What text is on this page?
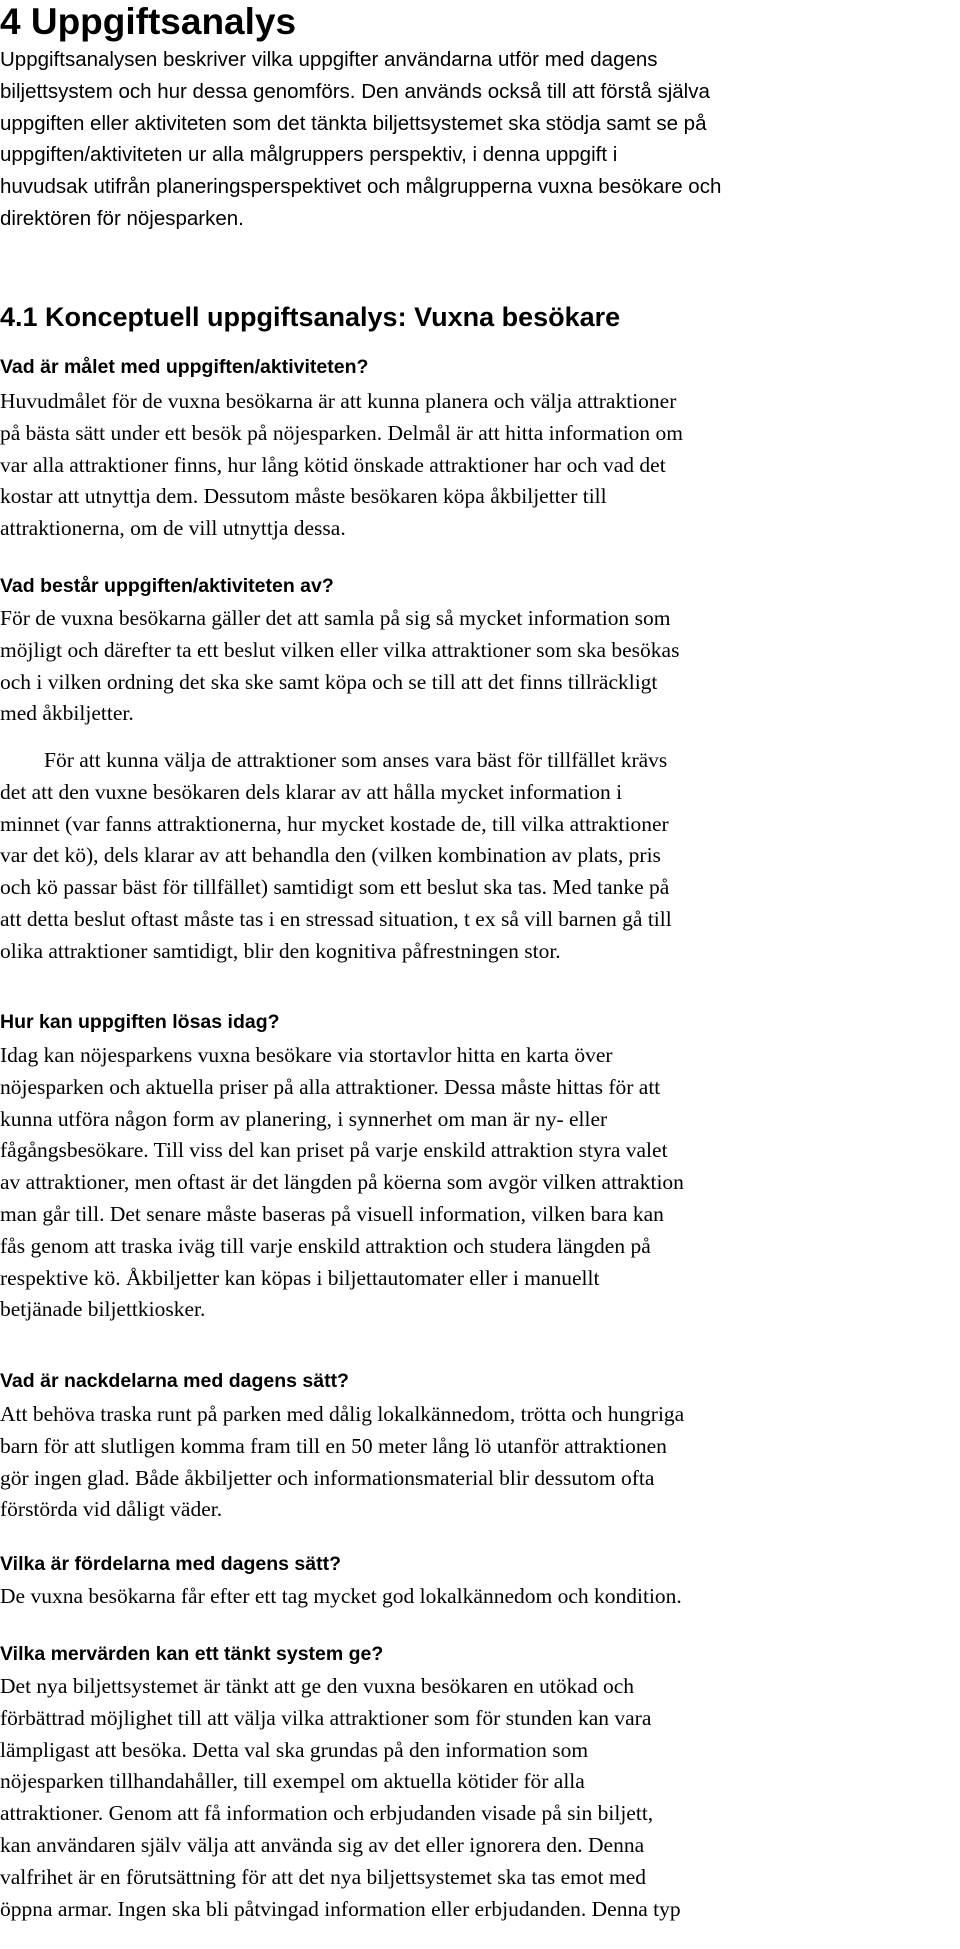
4 Uppgiftsanalys
Uppgiftsanalysen beskriver vilka uppgifter användarna utför med dagens
biljettsystem och hur dessa genomförs. Den används också till att förstå själva
uppgiften eller aktiviteten som det tänkta biljettsystemet ska stödja samt se på
uppgiften/aktiviteten ur alla målgruppers perspektiv, i denna uppgift i
huvudsak utifrån planeringsperspektivet och målgrupperna vuxna besökare och
direktören för nöjesparken.
4.1 Konceptuell uppgiftsanalys: Vuxna besökare
Vad är målet med uppgiften/aktiviteten?
Huvudmålet för de vuxna besökarna är att kunna planera och välja attraktioner
på bästa sätt under ett besök på nöjesparken. Delmål är att hitta information om
var alla attraktioner finns, hur lång kötid önskade attraktioner har och vad det
kostar att utnyttja dem. Dessutom måste besökaren köpa åkbiljetter till
attraktionerna, om de vill utnyttja dessa.
Vad består uppgiften/aktiviteten av?
För de vuxna besökarna gäller det att samla på sig så mycket information som
möjligt och därefter ta ett beslut vilken eller vilka attraktioner som ska besökas
och i vilken ordning det ska ske samt köpa och se till att det finns tillräckligt
med åkbiljetter.
För att kunna välja de attraktioner som anses vara bäst för tillfället krävs
det att den vuxne besökaren dels klarar av att hålla mycket information i
minnet (var fanns attraktionerna, hur mycket kostade de, till vilka attraktioner
var det kö), dels klarar av att behandla den (vilken kombination av plats, pris
och kö passar bäst för tillfället) samtidigt som ett beslut ska tas. Med tanke på
att detta beslut oftast måste tas i en stressad situation, t ex så vill barnen gå till
olika attraktioner samtidigt, blir den kognitiva påfrestningen stor.
Hur kan uppgiften lösas idag?
Idag kan nöjesparkens vuxna besökare via stortavlor hitta en karta över
nöjesparken och aktuella priser på alla attraktioner. Dessa måste hittas för att
kunna utföra någon form av planering, i synnerhet om man är ny- eller
fågångsbesökare. Till viss del kan priset på varje enskild attraktion styra valet
av attraktioner, men oftast är det längden på köerna som avgör vilken attraktion
man går till. Det senare måste baseras på visuell information, vilken bara kan
fås genom att traska iväg till varje enskild attraktion och studera längden på
respektive kö. Åkbiljetter kan köpas i biljettautomater eller i manuellt
betjänade biljettkiosker.
Vad är nackdelarna med dagens sätt?
Att behöva traska runt på parken med dålig lokalkännedom, trötta och hungriga
barn för att slutligen komma fram till en 50 meter lång lö utanför attraktionen
gör ingen glad. Både åkbiljetter och informationsmaterial blir dessutom ofta
förstörda vid dåligt väder.
Vilka är fördelarna med dagens sätt?
De vuxna besökarna får efter ett tag mycket god lokalkännedom och kondition.
Vilka mervärden kan ett tänkt system ge?
Det nya biljettsystemet är tänkt att ge den vuxna besökaren en utökad och
förbättrad möjlighet till att välja vilka attraktioner som för stunden kan vara
lämpligast att besöka. Detta val ska grundas på den information som
nöjesparken tillhandahåller, till exempel om aktuella kötider för alla
attraktioner. Genom att få information och erbjudanden visade på sin biljett,
kan användaren själv välja att använda sig av det eller ignorera den. Denna
valfrihet är en förutsättning för att det nya biljettsystemet ska tas emot med
öppna armar. Ingen ska bli påtvingad information eller erbjudanden. Denna typ
